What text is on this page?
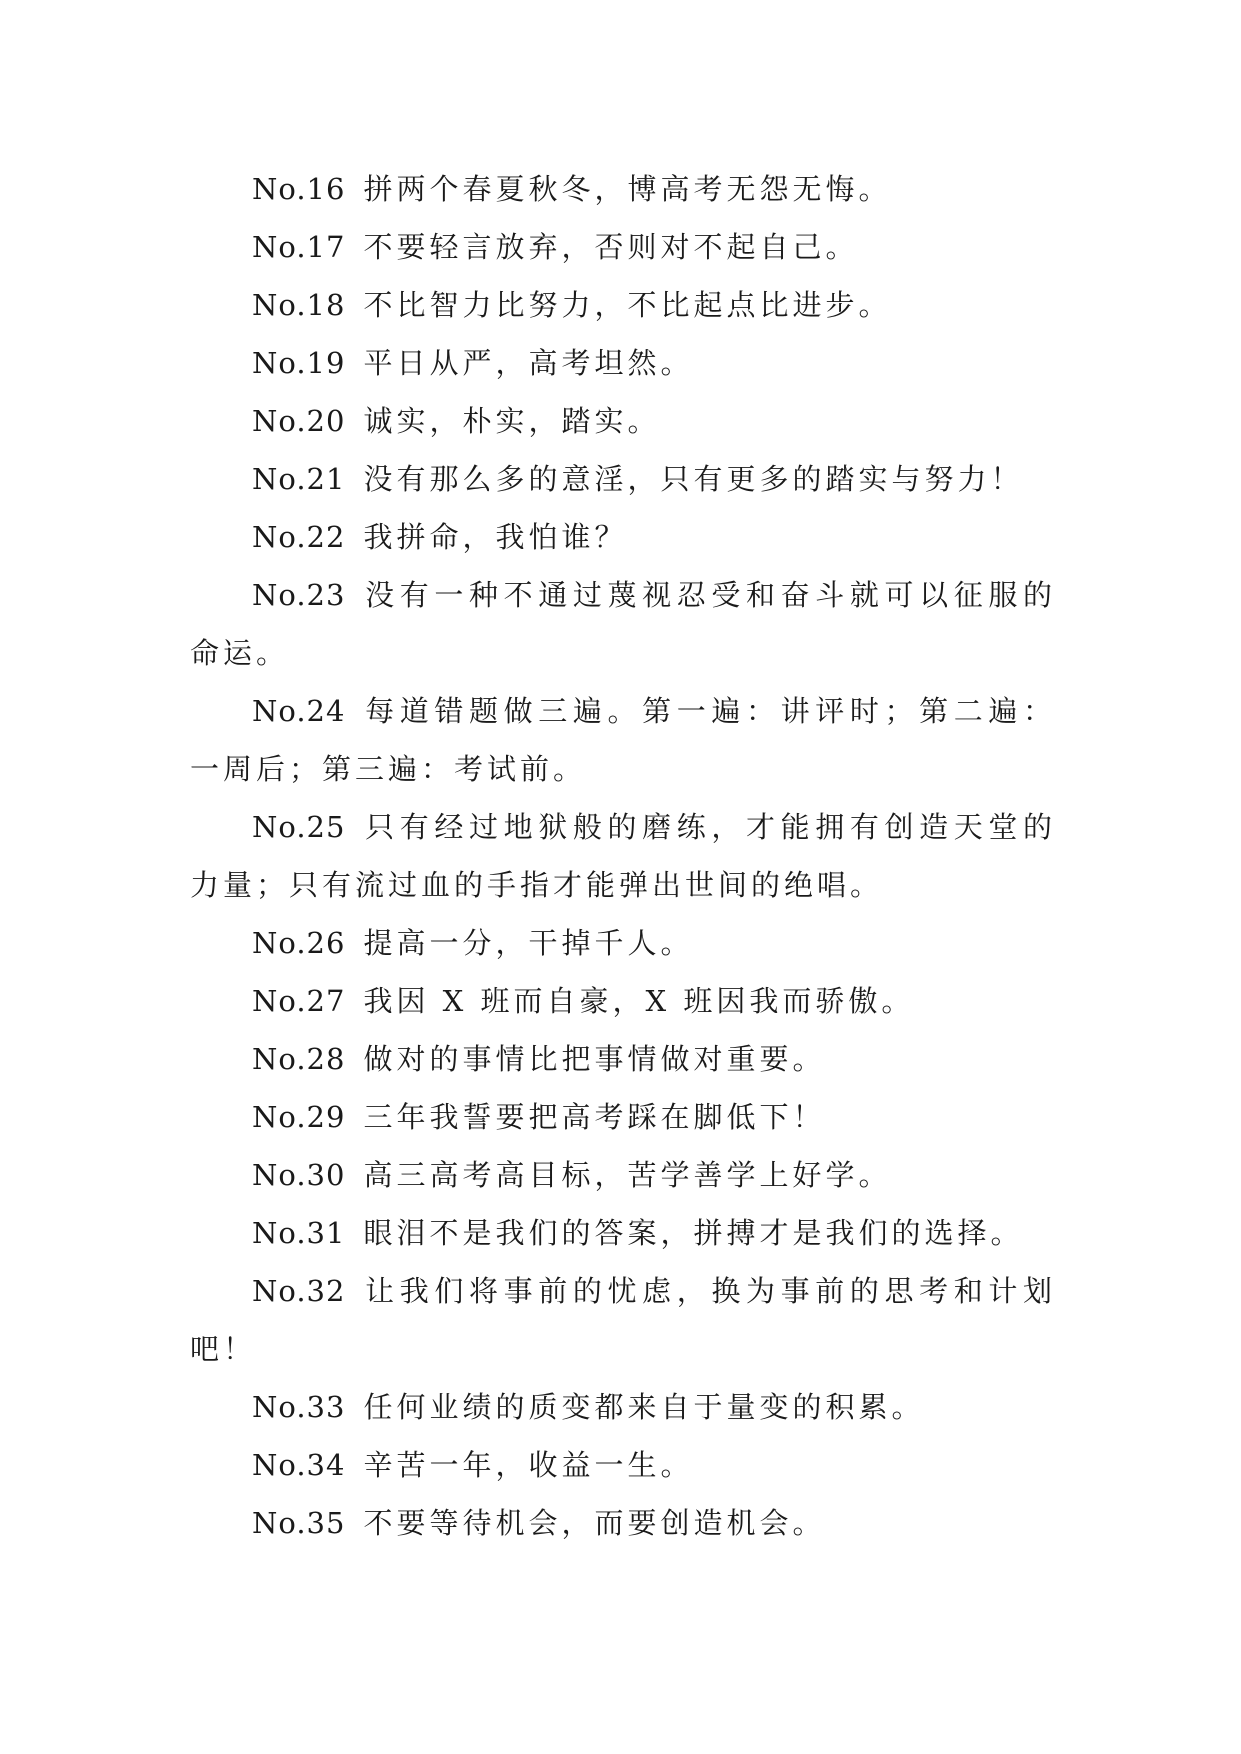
No.16 拼两个春夏秋冬，博高考无怨无悔。

No.17 不要轻言放弃，否则对不起自己。

No.18 不比智力比努力，不比起点比进步。

No.19 平日从严，高考坦然。

No.20 诚实，朴实，踏实。

No.21 没有那么多的意淫，只有更多的踏实与努力！

No.22 我拼命，我怕谁？

No.23 没有一种不通过蔑视忍受和奋斗就可以征服的命运。

No.24 每道错题做三遍。第一遍：讲评时；第二遍：一周后；第三遍：考试前。

No.25 只有经过地狱般的磨练，才能拥有创造天堂的力量；只有流过血的手指才能弹出世间的绝唱。

No.26 提高一分，干掉千人。

No.27 我因 X 班而自豪，X 班因我而骄傲。

No.28 做对的事情比把事情做对重要。

No.29 三年我誓要把高考踩在脚低下！

No.30 高三高考高目标，苦学善学上好学。

No.31 眼泪不是我们的答案，拼搏才是我们的选择。

No.32 让我们将事前的忧虑，换为事前的思考和计划吧！

No.33 任何业绩的质变都来自于量变的积累。

No.34 辛苦一年，收益一生。

No.35 不要等待机会，而要创造机会。
